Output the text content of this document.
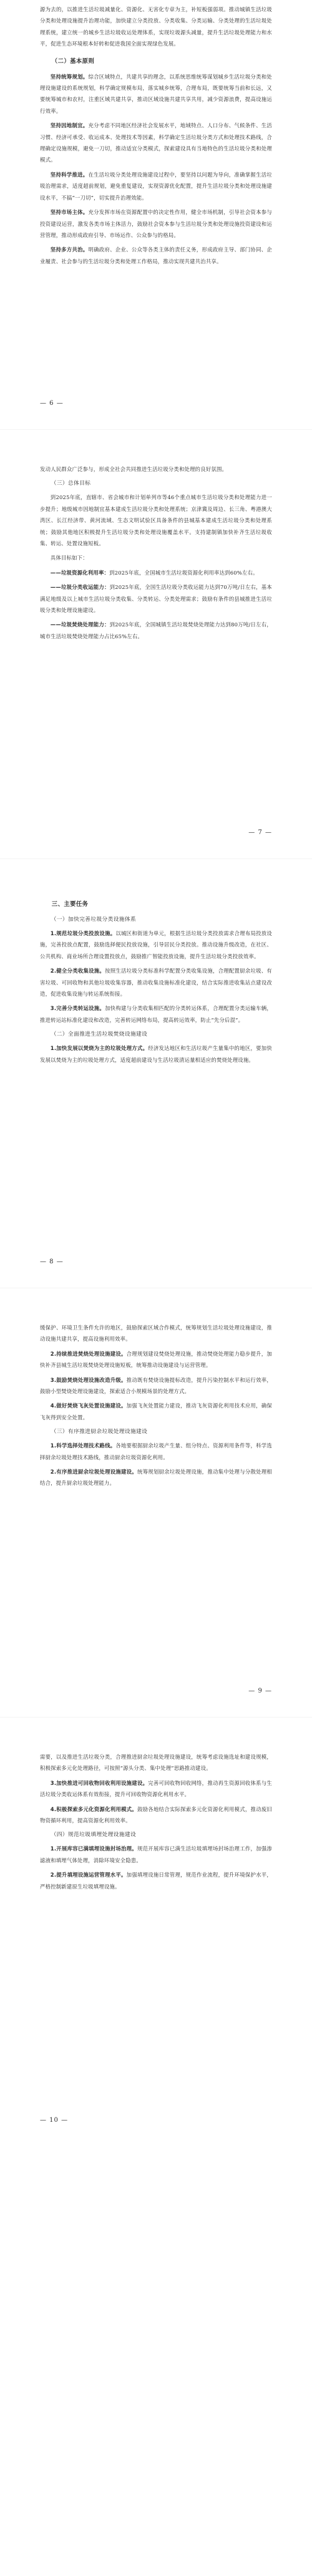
源为去的，以推进生活垃圾减量化、资源化、无害化专章为主，补短板强弱项。推动城镇生活垃圾分类和处理设施提升治理功能，加快建立分类投放、分类收集、分类运输、分类处理的生活垃圾处理系统，建立统一的城乡生活垃圾收运处理体系，实现垃圾源头减量，提升生活垃圾处理能力和水平，促进生态环境根本好转和促进我国全面实现绿色发展。

（二）基本原则

坚持统筹规划。综合区域特点，共建共享的理念，以系统思维统筹谋划城乡生活垃圾分类和处理设施建设的系统规划，科学确定规模布局，落实城乡统筹，合理布局，既要统筹当前和长远，又要统筹城市和农村，注重区域共建共享，推动区域设施共建共享共用，减少资源浪费，提高设施运行效率。

坚持因地制宜。充分考虑不同地区经济社会发展水平，地域特点、人口分布、气候条件、生活习惯、经济可承受、收运成本、处理技术等因素，科学确定生活垃圾分类方式和处理技术路线，合理确定设施规模，避免一刀切，推动适宜分类模式，探索建设具有当地特色的生活垃圾分类和处理模式。

坚持科学推进。在生活垃圾分类处理设施建设过程中，要坚持以问题为导向，准确掌握生活垃圾治理需求，适度超前规划，避免重复建设，实现资源优化配置，提升生活垃圾分类和处理设施建设水平，不搞“一刀切”，切实提升治理效能。

坚持市场主体。充分发挥市场在资源配置中的决定性作用，健全市场机制，引导社会资本参与投资建设运营，激发各类市场主体活力，鼓励社会资本参与生活垃圾分类和处理设施投资建设和运营管理，推动形成政府引导、市场运作、公众参与的格局。

坚持多方共治。明确政府、企业、公众等各类主体的责任义务，形成政府主导、部门协同、企业履责、社会参与的生活垃圾分类和处理工作格局，推动实现共建共治共享。

— 6 —

发动人民群众广泛参与，形成全社会共同推进生活垃圾分类和处理的良好氛围。

（三）总体目标

到2025年底，直辖市、省会城市和计划单列市等46个重点城市生活垃圾分类和处理能力进一步提升；地级城市因地制宜基本建成生活垃圾分类和处理系统；京津冀及周边、长三角、粤港澳大湾区、长江经济带、黄河流域、生态文明试验区具备条件的县城基本建成生活垃圾分类和处理系统；鼓励其他地区积极提升生活垃圾分类和处理设施覆盖水平。支持建制镇加快补齐生活垃圾收集、转运、处置设施短板。

具体目标如下：

——垃圾资源化利用率：到2025年底，全国城市生活垃圾资源化利用率达到60%左右。

——垃圾分类收运能力：到2025年底，全国生活垃圾分类收运能力达到70万吨/日左右，基本满足地级及以上城市生活垃圾分类收集、分类转运、分类处理需求；鼓励有条件的县城推进生活垃圾分类和处理设施建设。

——垃圾焚烧处理能力：到2025年底，全国城镇生活垃圾焚烧处理能力达到80万吨/日左右，城市生活垃圾焚烧处理能力占比65%左右。

— 7 —
三、主要任务
（一）加快完善垃圾分类设施体系

1.规范垃圾分类投放设施。以城区和街道为单元，根据生活垃圾分类投放需求合理布局投放设施，完善投放点配置，鼓励选择便民投放设施，引导居民分类投放。推动设施升级改造，在社区、公共机构、商业场所合理设置投放点，鼓励推广智能投放设施，提升生活垃圾分类投放效率。

2.健全分类收集设施。按照生活垃圾分类标准科学配置分类收集设施，合理配置厨余垃圾、有害垃圾、可回收物和其他垃圾收集容器，推动收集设施标准化建设，结合实际推进收集站点建设改造，促进收集设施与转运系统衔接。

3.完善分类转运设施。加快构建与分类收集相匹配的分类转运体系，合理配置分类运输车辆，推进转运站标准化建设和改造，完善转运网络布局，提高转运效率，防止“先分后混”。

（二）全面推进生活垃圾焚烧设施建设

1.加快发展以焚烧为主的垃圾处理方式。经济发达地区和生活垃圾产生量集中的地区，要加快发展以焚烧为主的垃圾处理方式，适度超前建设与生活垃圾清运量相适应的焚烧处理设施。

— 8 —

缓保护、环境卫生条件允许的地区，鼓励探索区域合作模式，统筹规划生活垃圾处理设施建设，推动设施共建共享，提高设施利用效率。

2.持续推进焚烧处理设施建设。合理规划建设焚烧处理设施，推动焚烧处理能力稳步提升，加快补齐县城生活垃圾焚烧处理设施短板，统筹推动设施建设与运营管理。

3.鼓励焚烧处理设施改造升级。推动既有焚烧设施提标改造，提升污染控制水平和运行效率，鼓励小型焚烧处理设施建设，探索适合小规模场景的处理方式。

4.做好焚烧飞灰处置设施建设。加强飞灰处置能力建设，推动飞灰资源化利用技术应用，确保飞灰得到安全处置。

（三）有序推进厨余垃圾处理设施建设

1.科学选择处理技术路线。各地要根据厨余垃圾产生量、组分特点、资源利用条件等，科学选择厨余垃圾处理技术路线，推动厨余垃圾资源化利用。

2.有序推进厨余垃圾处理设施建设。统筹规划厨余垃圾处理设施，推动集中处理与分散处理相结合，提升厨余垃圾处理能力。

— 9 —

需要，以及推进生活垃圾分类，合理推进厨余垃圾处理设施建设，统筹考虑设施选址和建设规模，积极探索多元化处理路径，可按照“源头分类、集中处理”思路推动建设。

3.加快推进可回收物回收利用设施建设。完善可回收物回收网络，推动再生资源回收体系与生活垃圾分类收运体系有效衔接，提升可回收物资源化利用水平。

4.积极探索多元化资源化利用模式。鼓励各地结合实际探索多元化资源化利用模式，推动废旧物资循环利用，提高资源化利用效率。

（四）规范垃圾填埋处理设施建设

1.开展库容已满填埋设施封场治理。规范开展库容已满生活垃圾填埋场封场治理工作，加强渗滤液和填埋气体处理，消除环境安全隐患。

2.提升填埋设施运营管理水平。加强填埋设施日常管理，规范作业流程，提升环境保护水平，严格控制新建原生垃圾填埋设施。

— 10 —
